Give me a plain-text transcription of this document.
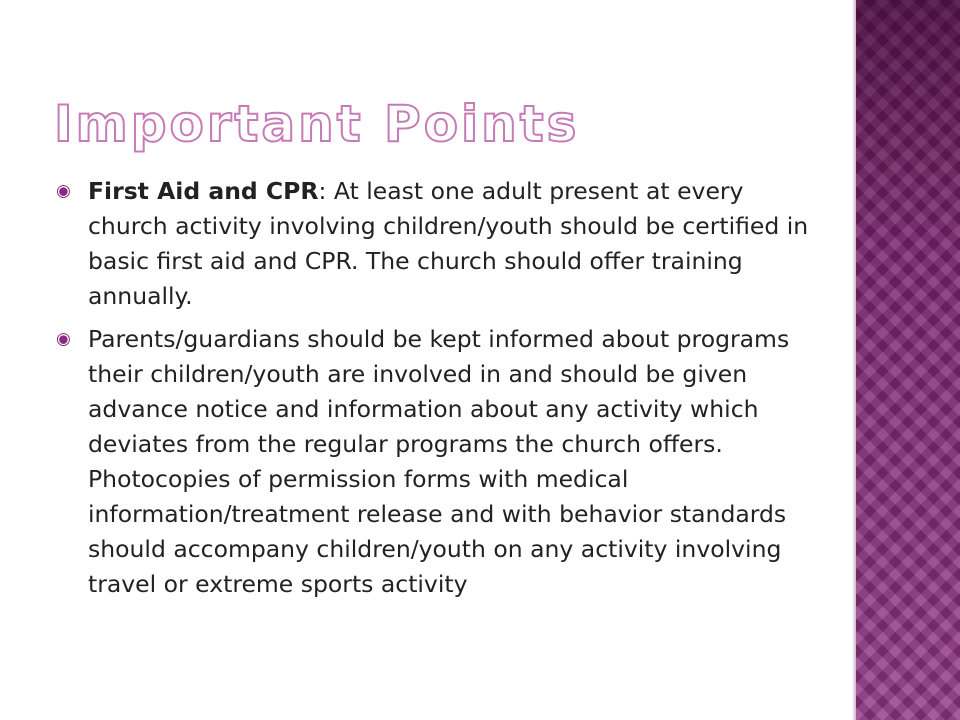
Important Points

◉ First Aid and CPR: At least one adult present at every church activity involving children/youth should be certified in basic first aid and CPR. The church should offer training annually.

◉ Parents/guardians should be kept informed about programs their children/youth are involved in and should be given advance notice and information about any activity which deviates from the regular programs the church offers. Photocopies of permission forms with medical information/treatment release and with behavior standards should accompany children/youth on any activity involving travel or extreme sports activity
